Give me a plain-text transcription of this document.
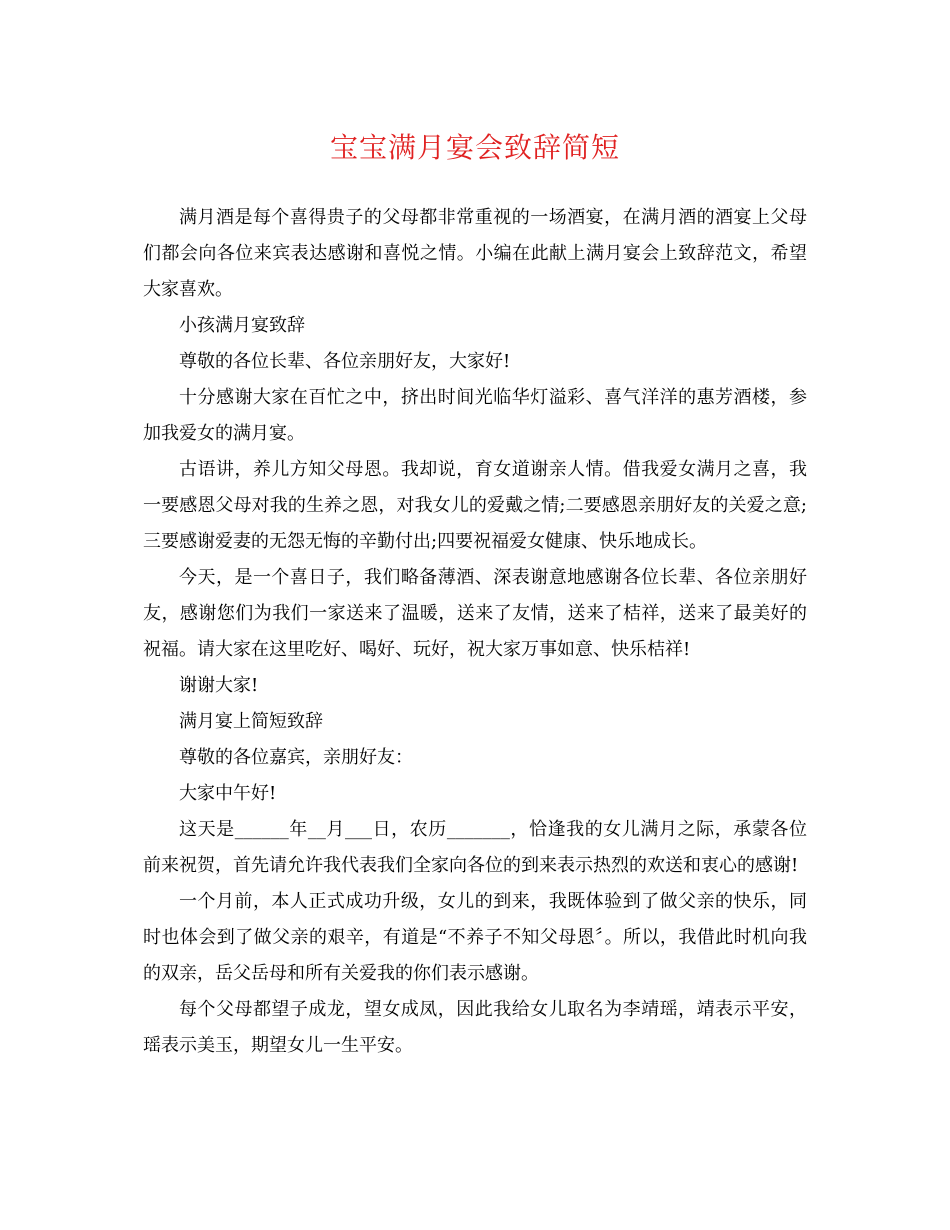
宝宝满月宴会致辞简短

满月酒是每个喜得贵子的父母都非常重视的一场酒宴，在满月酒的酒宴上父母们都会向各位来宾表达感谢和喜悦之情。小编在此献上满月宴会上致辞范文，希望大家喜欢。

小孩满月宴致辞

尊敬的各位长辈、各位亲朋好友，大家好!

十分感谢大家在百忙之中，挤出时间光临华灯溢彩、喜气洋洋的惠芳酒楼，参加我爱女的满月宴。

古语讲，养儿方知父母恩。我却说，育女道谢亲人情。借我爱女满月之喜，我一要感恩父母对我的生养之恩，对我女儿的爱戴之情;二要感恩亲朋好友的关爱之意;三要感谢爱妻的无怨无悔的辛勤付出;四要祝福爱女健康、快乐地成长。

今天，是一个喜日子，我们略备薄酒、深表谢意地感谢各位长辈、各位亲朋好友，感谢您们为我们一家送来了温暖，送来了友情，送来了桔祥，送来了最美好的祝福。请大家在这里吃好、喝好、玩好，祝大家万事如意、快乐桔祥!

谢谢大家!

满月宴上简短致辞

尊敬的各位嘉宾，亲朋好友：

大家中午好!

这天是______年__月___日，农历_______，恰逢我的女儿满月之际，承蒙各位前来祝贺，首先请允许我代表我们全家向各位的到来表示热烈的欢送和衷心的感谢!

一个月前，本人正式成功升级，女儿的到来，我既体验到了做父亲的快乐，同时也体会到了做父亲的艰辛，有道是“不养子不知父母恩〞。所以，我借此时机向我的双亲，岳父岳母和所有关爱我的你们表示感谢。

每个父母都望子成龙，望女成凤，因此我给女儿取名为李靖瑶，靖表示平安，瑶表示美玉，期望女儿一生平安。
